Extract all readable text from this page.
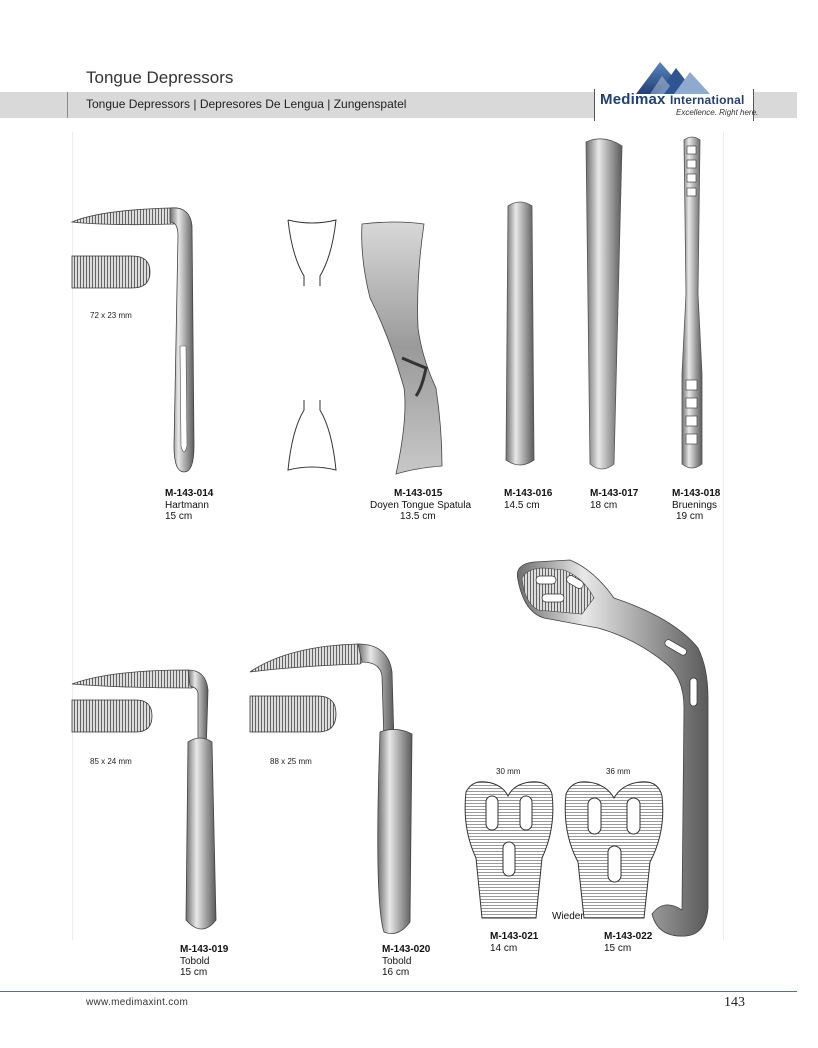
Tongue Depressors
Tongue Depressors | Depresores De Lengua | Zungenspatel	Medimax International
Excellence. Right here.
72 x 23 mm
M-143-014
Hartmann
15 cm
M-143-015
Doyen Tongue Spatula
13.5 cm
M-143-016
14.5 cm
M-143-017
18 cm
M-143-018
Bruenings
19 cm
85 x 24 mm	88 x 25 mm
30 mm	36 mm
Wieder
M-143-019
Tobold
15 cm
M-143-020
Tobold
16 cm
M-143-021
14 cm
M-143-022
15 cm
www.medimaxint.com	143
